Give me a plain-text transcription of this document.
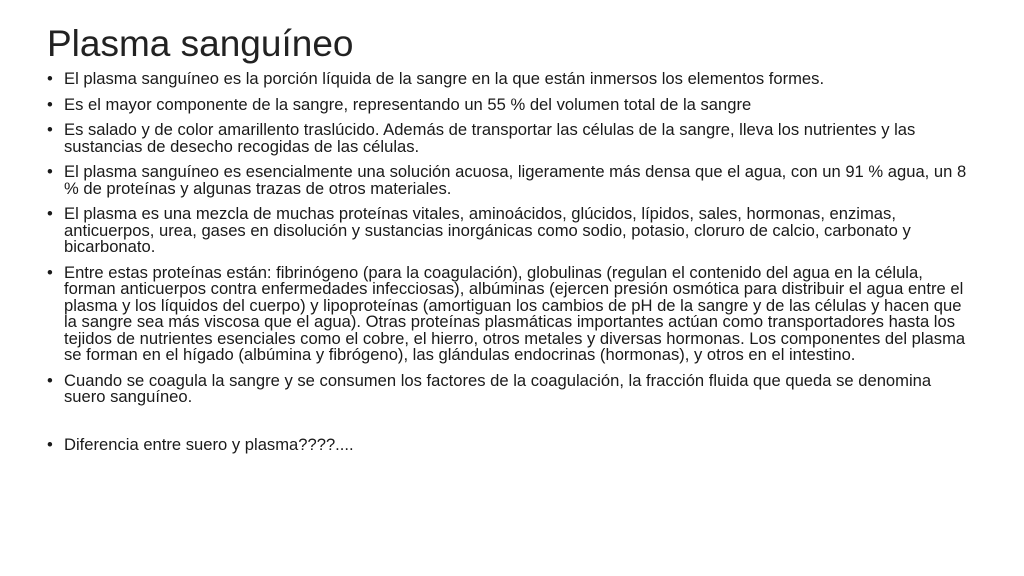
Plasma sanguíneo
• El plasma sanguíneo es la porción líquida de la sangre en la que están inmersos los elementos formes.
• Es el mayor componente de la sangre, representando un 55 % del volumen total de la sangre
• Es salado y de color amarillento traslúcido. Además de transportar las células de la sangre, lleva los nutrientes y las sustancias de desecho recogidas de las células.
• El plasma sanguíneo es esencialmente una solución acuosa, ligeramente más densa que el agua, con un 91 % agua, un 8 % de proteínas y algunas trazas de otros materiales.
• El plasma es una mezcla de muchas proteínas vitales, aminoácidos, glúcidos, lípidos, sales, hormonas, enzimas, anticuerpos, urea, gases en disolución y sustancias inorgánicas como sodio, potasio, cloruro de calcio, carbonato y bicarbonato.
• Entre estas proteínas están: fibrinógeno (para la coagulación), globulinas (regulan el contenido del agua en la célula, forman anticuerpos contra enfermedades infecciosas), albúminas (ejercen presión osmótica para distribuir el agua entre el plasma y los líquidos del cuerpo) y lipoproteínas (amortiguan los cambios de pH de la sangre y de las células y hacen que la sangre sea más viscosa que el agua). Otras proteínas plasmáticas importantes actúan como transportadores hasta los tejidos de nutrientes esenciales como el cobre, el hierro, otros metales y diversas hormonas. Los componentes del plasma se forman en el hígado (albúmina y fibrógeno), las glándulas endocrinas (hormonas), y otros en el intestino.
• Cuando se coagula la sangre y se consumen los factores de la coagulación, la fracción fluida que queda se denomina suero sanguíneo.
• Diferencia entre suero y plasma????....
